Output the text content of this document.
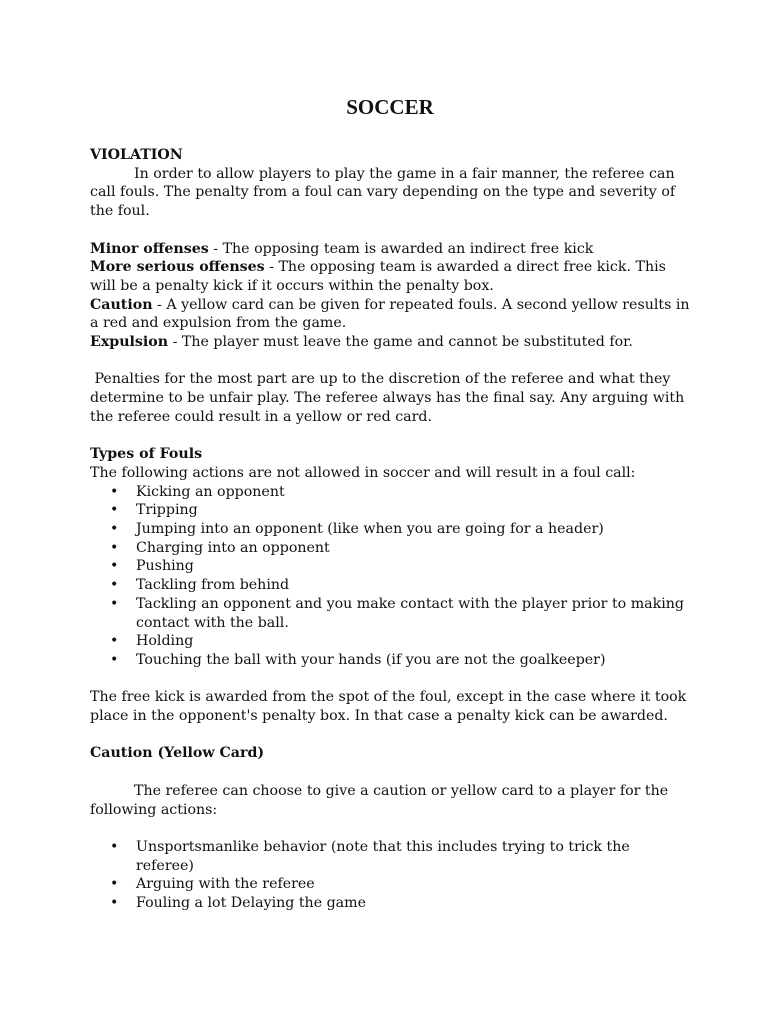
SOCCER

VIOLATION

In order to allow players to play the game in a fair manner, the referee can call fouls. The penalty from a foul can vary depending on the type and severity of the foul.

Minor offenses - The opposing team is awarded an indirect free kick

More serious offenses - The opposing team is awarded a direct free kick. This will be a penalty kick if it occurs within the penalty box.

Caution - A yellow card can be given for repeated fouls. A second yellow results in a red and expulsion from the game.

Expulsion - The player must leave the game and cannot be substituted for.

Penalties for the most part are up to the discretion of the referee and what they determine to be unfair play. The referee always has the final say. Any arguing with the referee could result in a yellow or red card.

Types of Fouls

The following actions are not allowed in soccer and will result in a foul call:

• Kicking an opponent
• Tripping
• Jumping into an opponent (like when you are going for a header)
• Charging into an opponent
• Pushing
• Tackling from behind
• Tackling an opponent and you make contact with the player prior to making contact with the ball.
• Holding
• Touching the ball with your hands (if you are not the goalkeeper)

The free kick is awarded from the spot of the foul, except in the case where it took place in the opponent's penalty box. In that case a penalty kick can be awarded.

Caution (Yellow Card)

The referee can choose to give a caution or yellow card to a player for the following actions:

• Unsportsmanlike behavior (note that this includes trying to trick the referee)
• Arguing with the referee
• Fouling a lot Delaying the game
